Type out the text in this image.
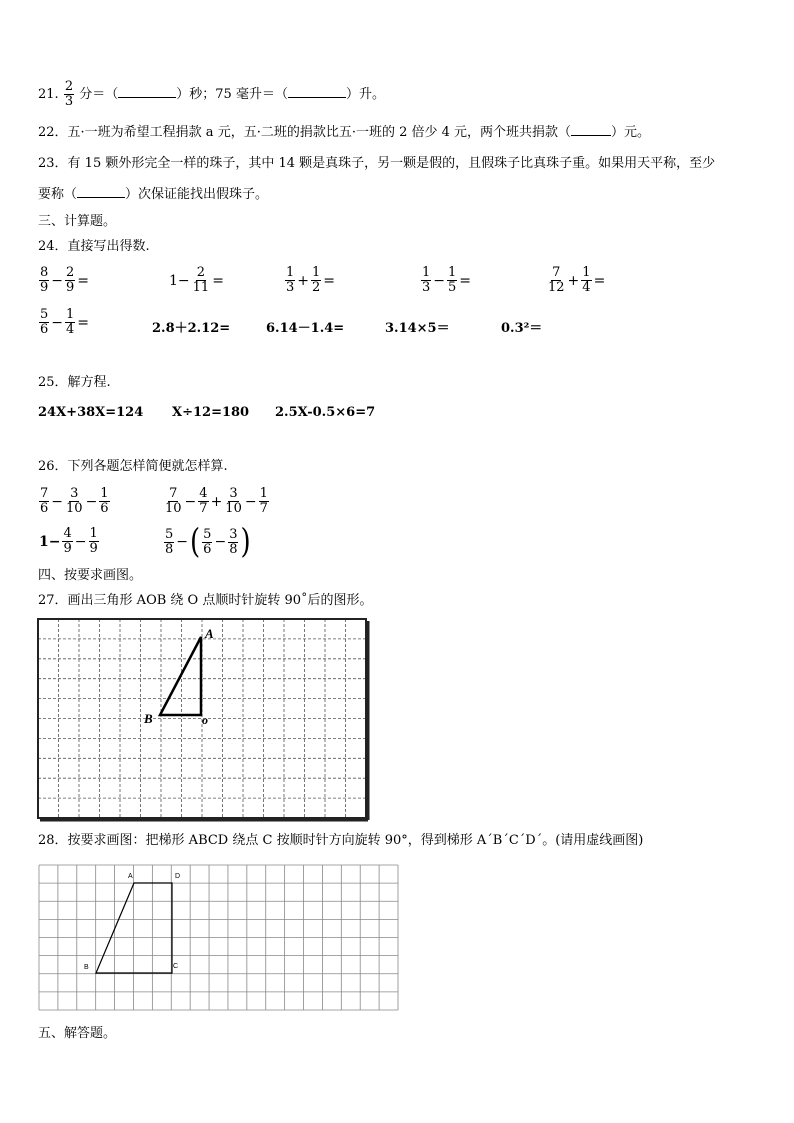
21. $\frac{2}{3}$ 分＝（	）秒；75 毫升＝（	）升。
22．五·一班为希望工程捐款 a 元，五·二班的捐款比五·一班的 2 倍少 4 元，两个班共捐款（	）元。
23．有 15 颗外形完全一样的珠子，其中 14 颗是真珠子，另一颗是假的，且假珠子比真珠子重。如果用天平称，至少
要称（	）次保证能找出假珠子。
三、计算题。
24．直接写出得数.
$\frac{8}{9} - \frac{2}{9}$ =	$1- \frac{2}{11}$ =	$\frac{1}{3} + \frac{1}{2}$ =	$\frac{1}{3} - \frac{1}{5}$ =	$\frac{7}{12} + \frac{1}{4}$ =
$\frac{5}{6} - \frac{1}{4}$ =	2.8＋2.12=	6.14－1.4=	3.14×5＝	0.3²＝
25．解方程.
24X+38X=124 X÷12=180 2.5X-0.5×6=7
26．下列各题怎样简便就怎样算.
$\frac{7}{6} - \frac{3}{10} - \frac{1}{6}$	$\frac{7}{10} - \frac{4}{7} + \frac{3}{10} - \frac{1}{7}$
$1- \frac{4}{9} - \frac{1}{9}$	$\frac{5}{8}$ − ( $\frac{5}{6} - \frac{3}{8}$ )
四、按要求画图。
27．画出三角形 AOB 绕 O 点顺时针旋转 90˚后的图形。
A
B	o
28．按要求画图：把梯形 ABCD 绕点 C 按顺时针方向旋转 90°，得到梯形 A´B´C´D´。(请用虚线画图)
A	D
B	C
五、解答题。
